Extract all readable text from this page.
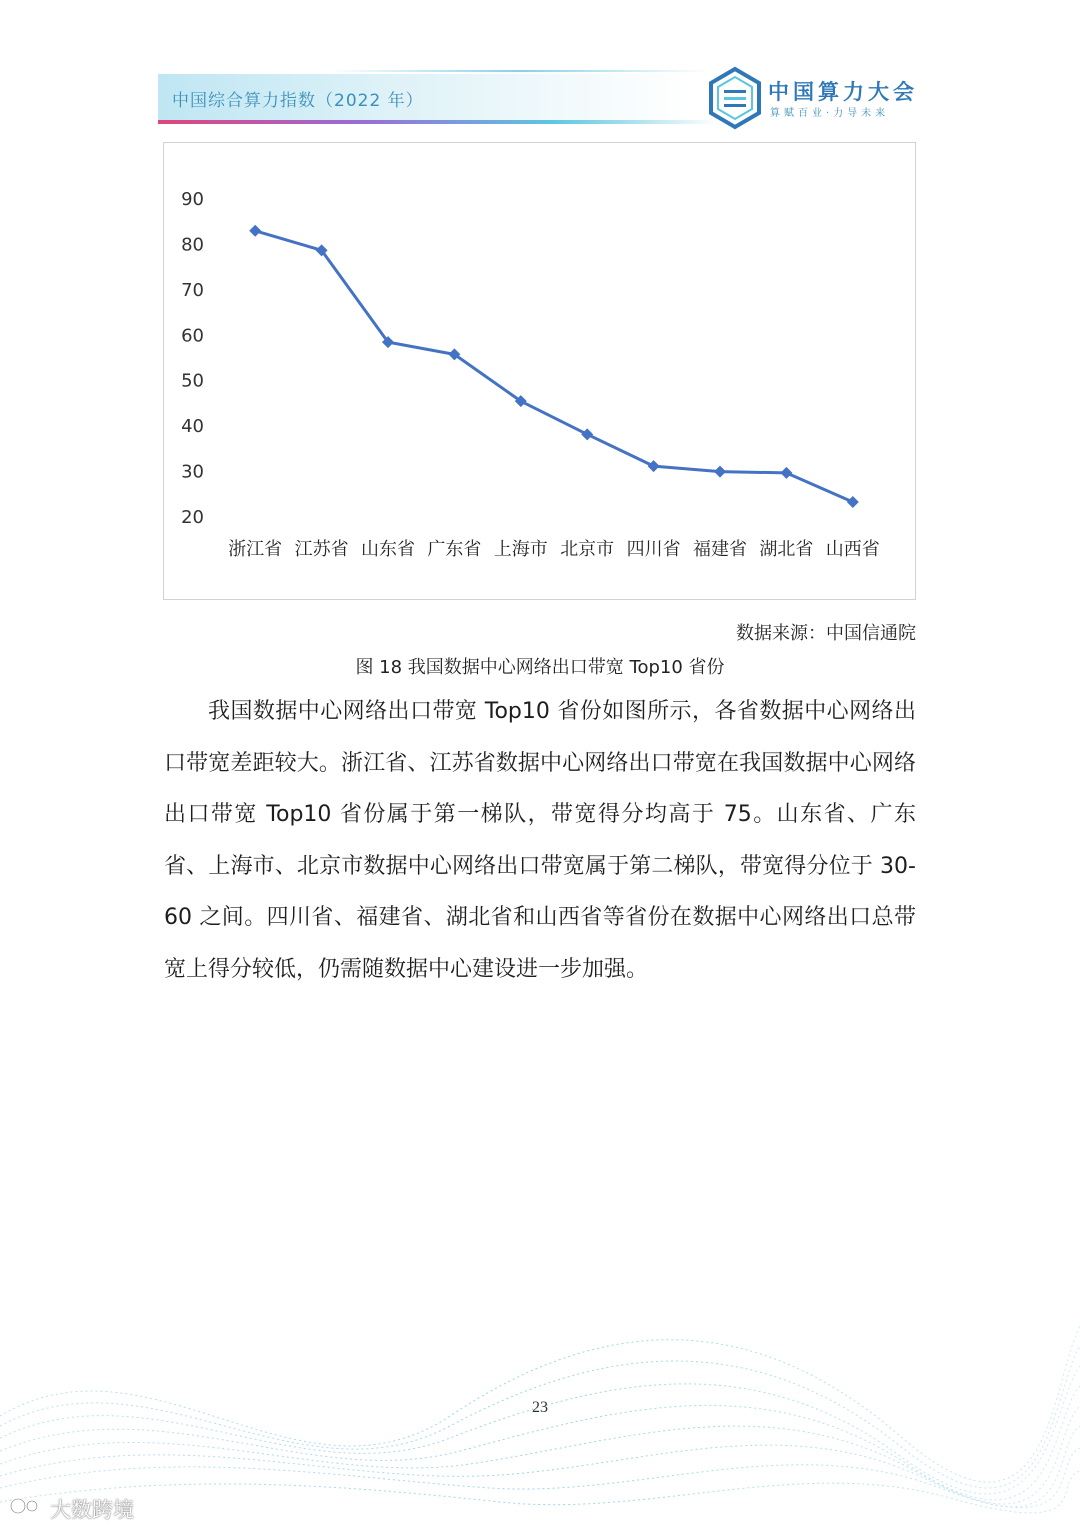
中国综合算力指数（2022 年）	中国算力大会
算赋百业·力导未来
90
80
70
60
50
40
30
20
浙江省 江苏省 山东省 广东省 上海市 北京市 四川省 福建省 湖北省 山西省
数据来源：中国信通院
图 18 我国数据中心网络出口带宽 Top10 省份

我国数据中心网络出口带宽 Top10 省份如图所示，各省数据中心网络出口带宽差距较大。浙江省、江苏省数据中心网络出口带宽在我国数据中心网络出口带宽 Top10 省份属于第一梯队，带宽得分均高于 75。山东省、广东省、上海市、北京市数据中心网络出口带宽属于第二梯队，带宽得分位于 30-60 之间。四川省、福建省、湖北省和山西省等省份在数据中心网络出口总带宽上得分较低，仍需随数据中心建设进一步加强。

23
大数跨境
